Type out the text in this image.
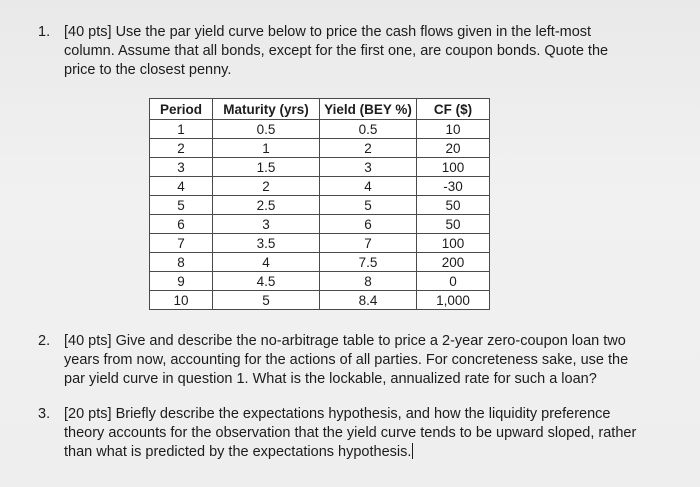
1. [40 pts] Use the par yield curve below to price the cash flows given in the left-most column. Assume that all bonds, except for the first one, are coupon bonds. Quote the price to the closest penny.
Period	Maturity (yrs)	Yield (BEY %)	CF ($)
1	0.5	0.5	10
2	1	2	20
3	1.5	3	100
4	2	4	-30
5	2.5	5	50
6	3	6	50
7	3.5	7	100
8	4	7.5	200
9	4.5	8	0
10	5	8.4	1,000
2. [40 pts] Give and describe the no-arbitrage table to price a 2-year zero-coupon loan two years from now, accounting for the actions of all parties. For concreteness sake, use the par yield curve in question 1. What is the lockable, annualized rate for such a loan?
3. [20 pts] Briefly describe the expectations hypothesis, and how the liquidity preference theory accounts for the observation that the yield curve tends to be upward sloped, rather than what is predicted by the expectations hypothesis.
